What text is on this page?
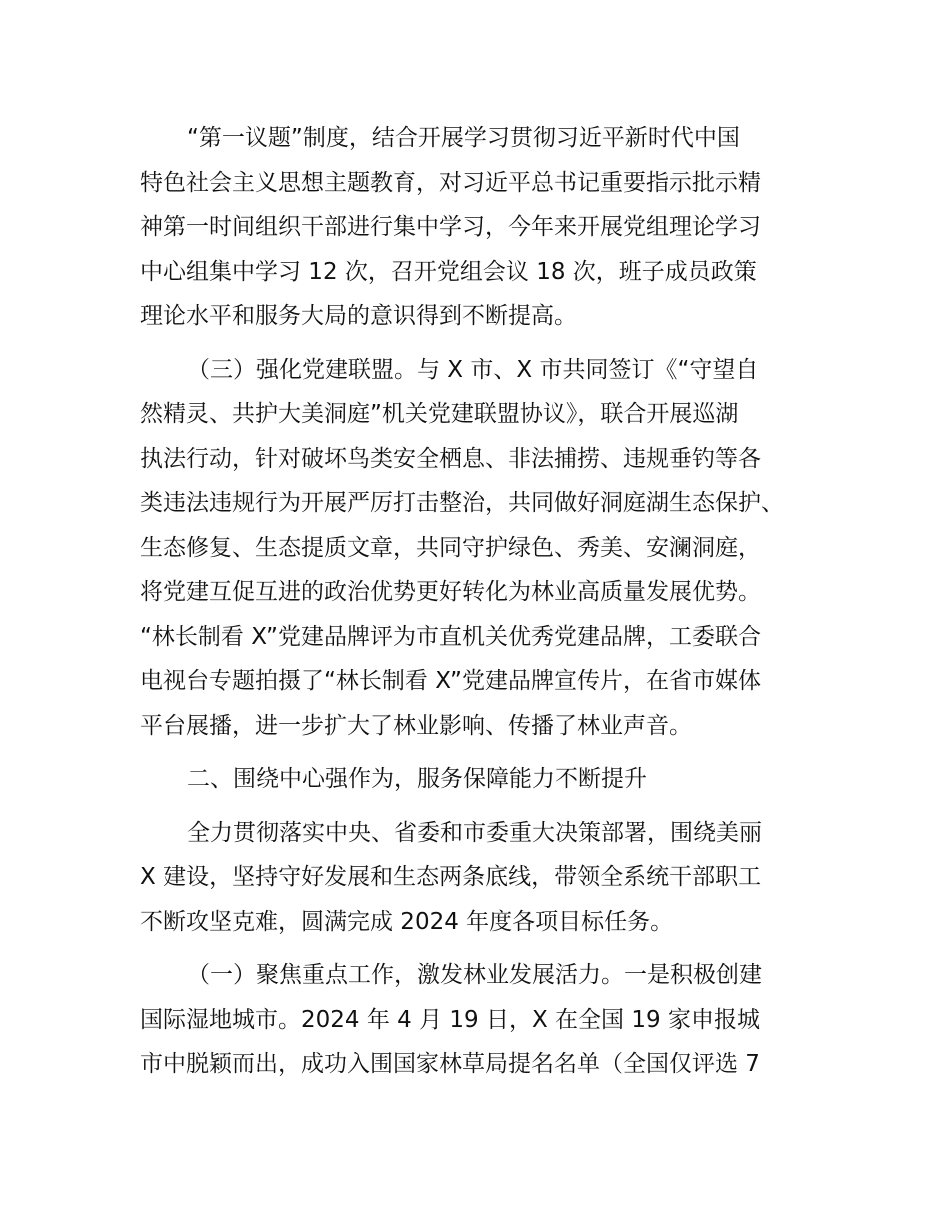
“第一议题”制度，结合开展学习贯彻习近平新时代中国
特色社会主义思想主题教育，对习近平总书记重要指示批示精
神第一时间组织干部进行集中学习，今年来开展党组理论学习
中心组集中学习 12 次，召开党组会议 18 次，班子成员政策
理论水平和服务大局的意识得到不断提高。
（三）强化党建联盟。与 X 市、X 市共同签订《“守望自
然精灵、共护大美洞庭”机关党建联盟协议》，联合开展巡湖
执法行动，针对破坏鸟类安全栖息、非法捕捞、违规垂钓等各
类违法违规行为开展严厉打击整治，共同做好洞庭湖生态保护、
生态修复、生态提质文章，共同守护绿色、秀美、安澜洞庭，
将党建互促互进的政治优势更好转化为林业高质量发展优势。
“林长制看 X”党建品牌评为市直机关优秀党建品牌，工委联合
电视台专题拍摄了“林长制看 X”党建品牌宣传片，在省市媒体
平台展播，进一步扩大了林业影响、传播了林业声音。
二、围绕中心强作为，服务保障能力不断提升
全力贯彻落实中央、省委和市委重大决策部署，围绕美丽
X 建设，坚持守好发展和生态两条底线，带领全系统干部职工
不断攻坚克难，圆满完成 2024 年度各项目标任务。
（一）聚焦重点工作，激发林业发展活力。一是积极创建
国际湿地城市。2024 年 4 月 19 日，X 在全国 19 家申报城
市中脱颖而出，成功入围国家林草局提名名单（全国仅评选 7
